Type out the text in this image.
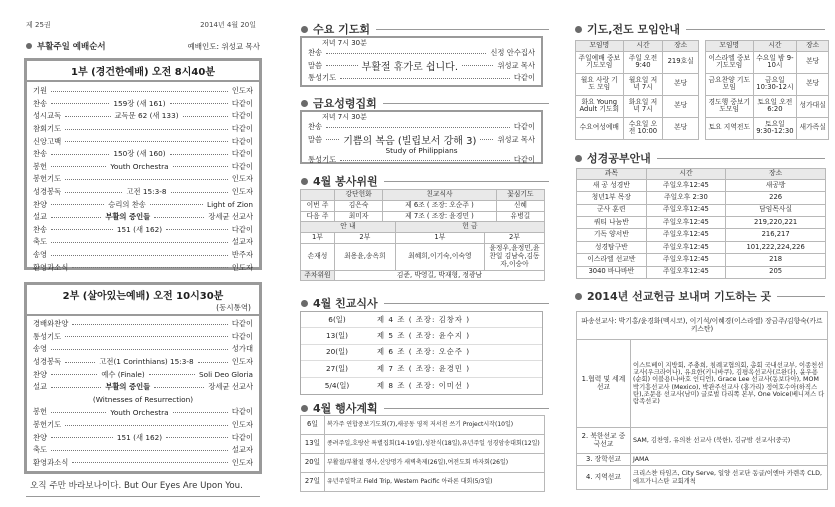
제 25권	2014년 4월 20일
부활주일 예배순서	예배인도: 위성교 목사
1부 (경건한예배) 오전 8시40분
기원	인도자
찬송	159장 (새 161)	다같이
성시교독	교독문 62 (새 133)	다같이
참회기도	다같이
신앙고백	다같이
찬송	150장 (새 160)	다같이
봉헌	Youth Orchestra	다같이
봉헌기도	인도자
성경봉독	고전 15:3-8	인도자
찬양	승리의 찬송	Light of Zion
설교	부활의 증인들	장세균 선교사
찬송	151 (새 162)	다같이
축도	설교자
송영	반주자
환영과소식	인도자
2부 (살아있는예배) 오전 10시30분
(동시통역)
경배와찬양	다같이
통성기도	다같이
송영	성가대
성경봉독	고전(1 Corinthians) 15:3-8	인도자
찬양	예수 (Finale)	Soli Deo Gloria
설교	부활의 증인들	장세균 선교사
(Witnesses of Resurrection)
봉헌	Youth Orchestra	다같이
봉헌기도	인도자
찬양	151 (새 162)	다같이
축도	설교자
환영과소식	인도자
오직 주만 바라보나이다. But Our Eyes Are Upon You.
수요 기도회
저녁 7시 30분
찬송	신정 안수집사
말씀	부활절 휴가로 쉽니다.	위성교 목사
통성기도	다같이
금요성령집회
저녁 7시 30분
찬송	다같이
말씀 기쁨의 복음 (빌립보서 강해 3)	위성교 목사
Study of Philippians
통성기도	다같이
4월 봉사위원
	강단헌화	친교식사	꽃심기도
이번 주	김은숙	제 6조 ( 조장: 오순주 )	신혜
다음 주	최미자	제 7조 ( 조장: 윤경민 )	유병길
안 내		헌 금	
1부	2부	1부	2부
손재성	최용윤,송옥희	최혜희,이기숙,이숙영	윤정우,윤정민,윤찬일 김남숙,김동자,이승아
주차위원	김준, 박영길, 박재형, 정광남		
4월 친교식사
6(일)	제 4 조 ( 조장: 김창자 )
13(일)	제 5 조 ( 조장: 윤수지 )
20(일)	제 6 조 ( 조장: 오순주 )
27(일)	제 7 조 ( 조장: 윤경민 )
5/4(일)	제 8 조 ( 조장: 이미선 )
4월 행사계획
6일	복가주 연합중보기도회(7),새공동 영적 저서전 쓰기 Project시작(10일)
13일	종려주일,호랑산 특별집회(14-19일),성찬식(18일),유년주일 성경암송대회(12일)
20일	부활절/부활절 행사,신앙명가 새벽축제(26일),여전도회 바자회(26일)
27일	유년주일학교 Field Trip, Western Pacific 아라론 대회(5/3일)
기도,전도 모임안내
모임명	시간	장소
주일예배 중보기도모임	주일 오전 9:40	219호실
월요 사랑 기도 모임	월요일 저녁 7시	본당
화요 Young Adult 기도회	화요일 저녁 7시	본당
수요여성예배	수요일 오전 10:00	본당
모임명	시간	장소
이스라엘 중보기도모임	수요일 밤 9-10시	본당
금요찬양 기도모임	금요일 10:30-12시	본당
경도행 중보기도모임	토요일 오전 6:20	성가대실
토요 지역전도	토요일 9:30-12:30	새가족실
성경공부안내
과목	시간	장소
새 공 성경반	주일오후12:45	새공방
청년1부 목장	주일오후 2:30	226
군사 훈련	주일오후12:45	담임목사실
쿼티 나눔반	주일오후12:45	219,220,221
기독 양서반	주일오후12:45	216,217
성경탐구반	주일오후12:45	101,222,224,226
이스라엘 선교반	주일오후12:45	218
3040 바나바반	주일오후12:45	205
2014년 선교헌금 보내며 기도하는 곳
파송선교사: 박기홍/윤경화(멕시코), 이기석/이혜경(이스라엘) 장금주/김향숙(카르키스탄)	
1.협력 및 세계선교	이스트베이 지방회, 주충희, 침례교협의회, 총회 국내선교부, 이종천선교사(우크라이나), 유요한(키니바쿠), 김평옥선교사(르완다), 윤우용(순회) 이블용(나바호 인디언), Grace Lee 선교사(동보다아), MOM 박기흥선교사 (Mexico), 박관주선교사 (홍가리) 정여호수아(하직스탄),조문용 선교사(남미) 글로벌 다리쪽 본부, One Voice(베니져스 다람족선교)
2. 북한선교 중국선교	SAM, 김찬영, 유의찬 선교사 (북한), 김규밤 선교사(중국)
3. 장학선교	JAMA
4. 지역선교	크리스챤 타임즈, City Serve, 일양 선교단 동글/이엔마 카렌족 CLD, 에프가니스탄 교회개척
